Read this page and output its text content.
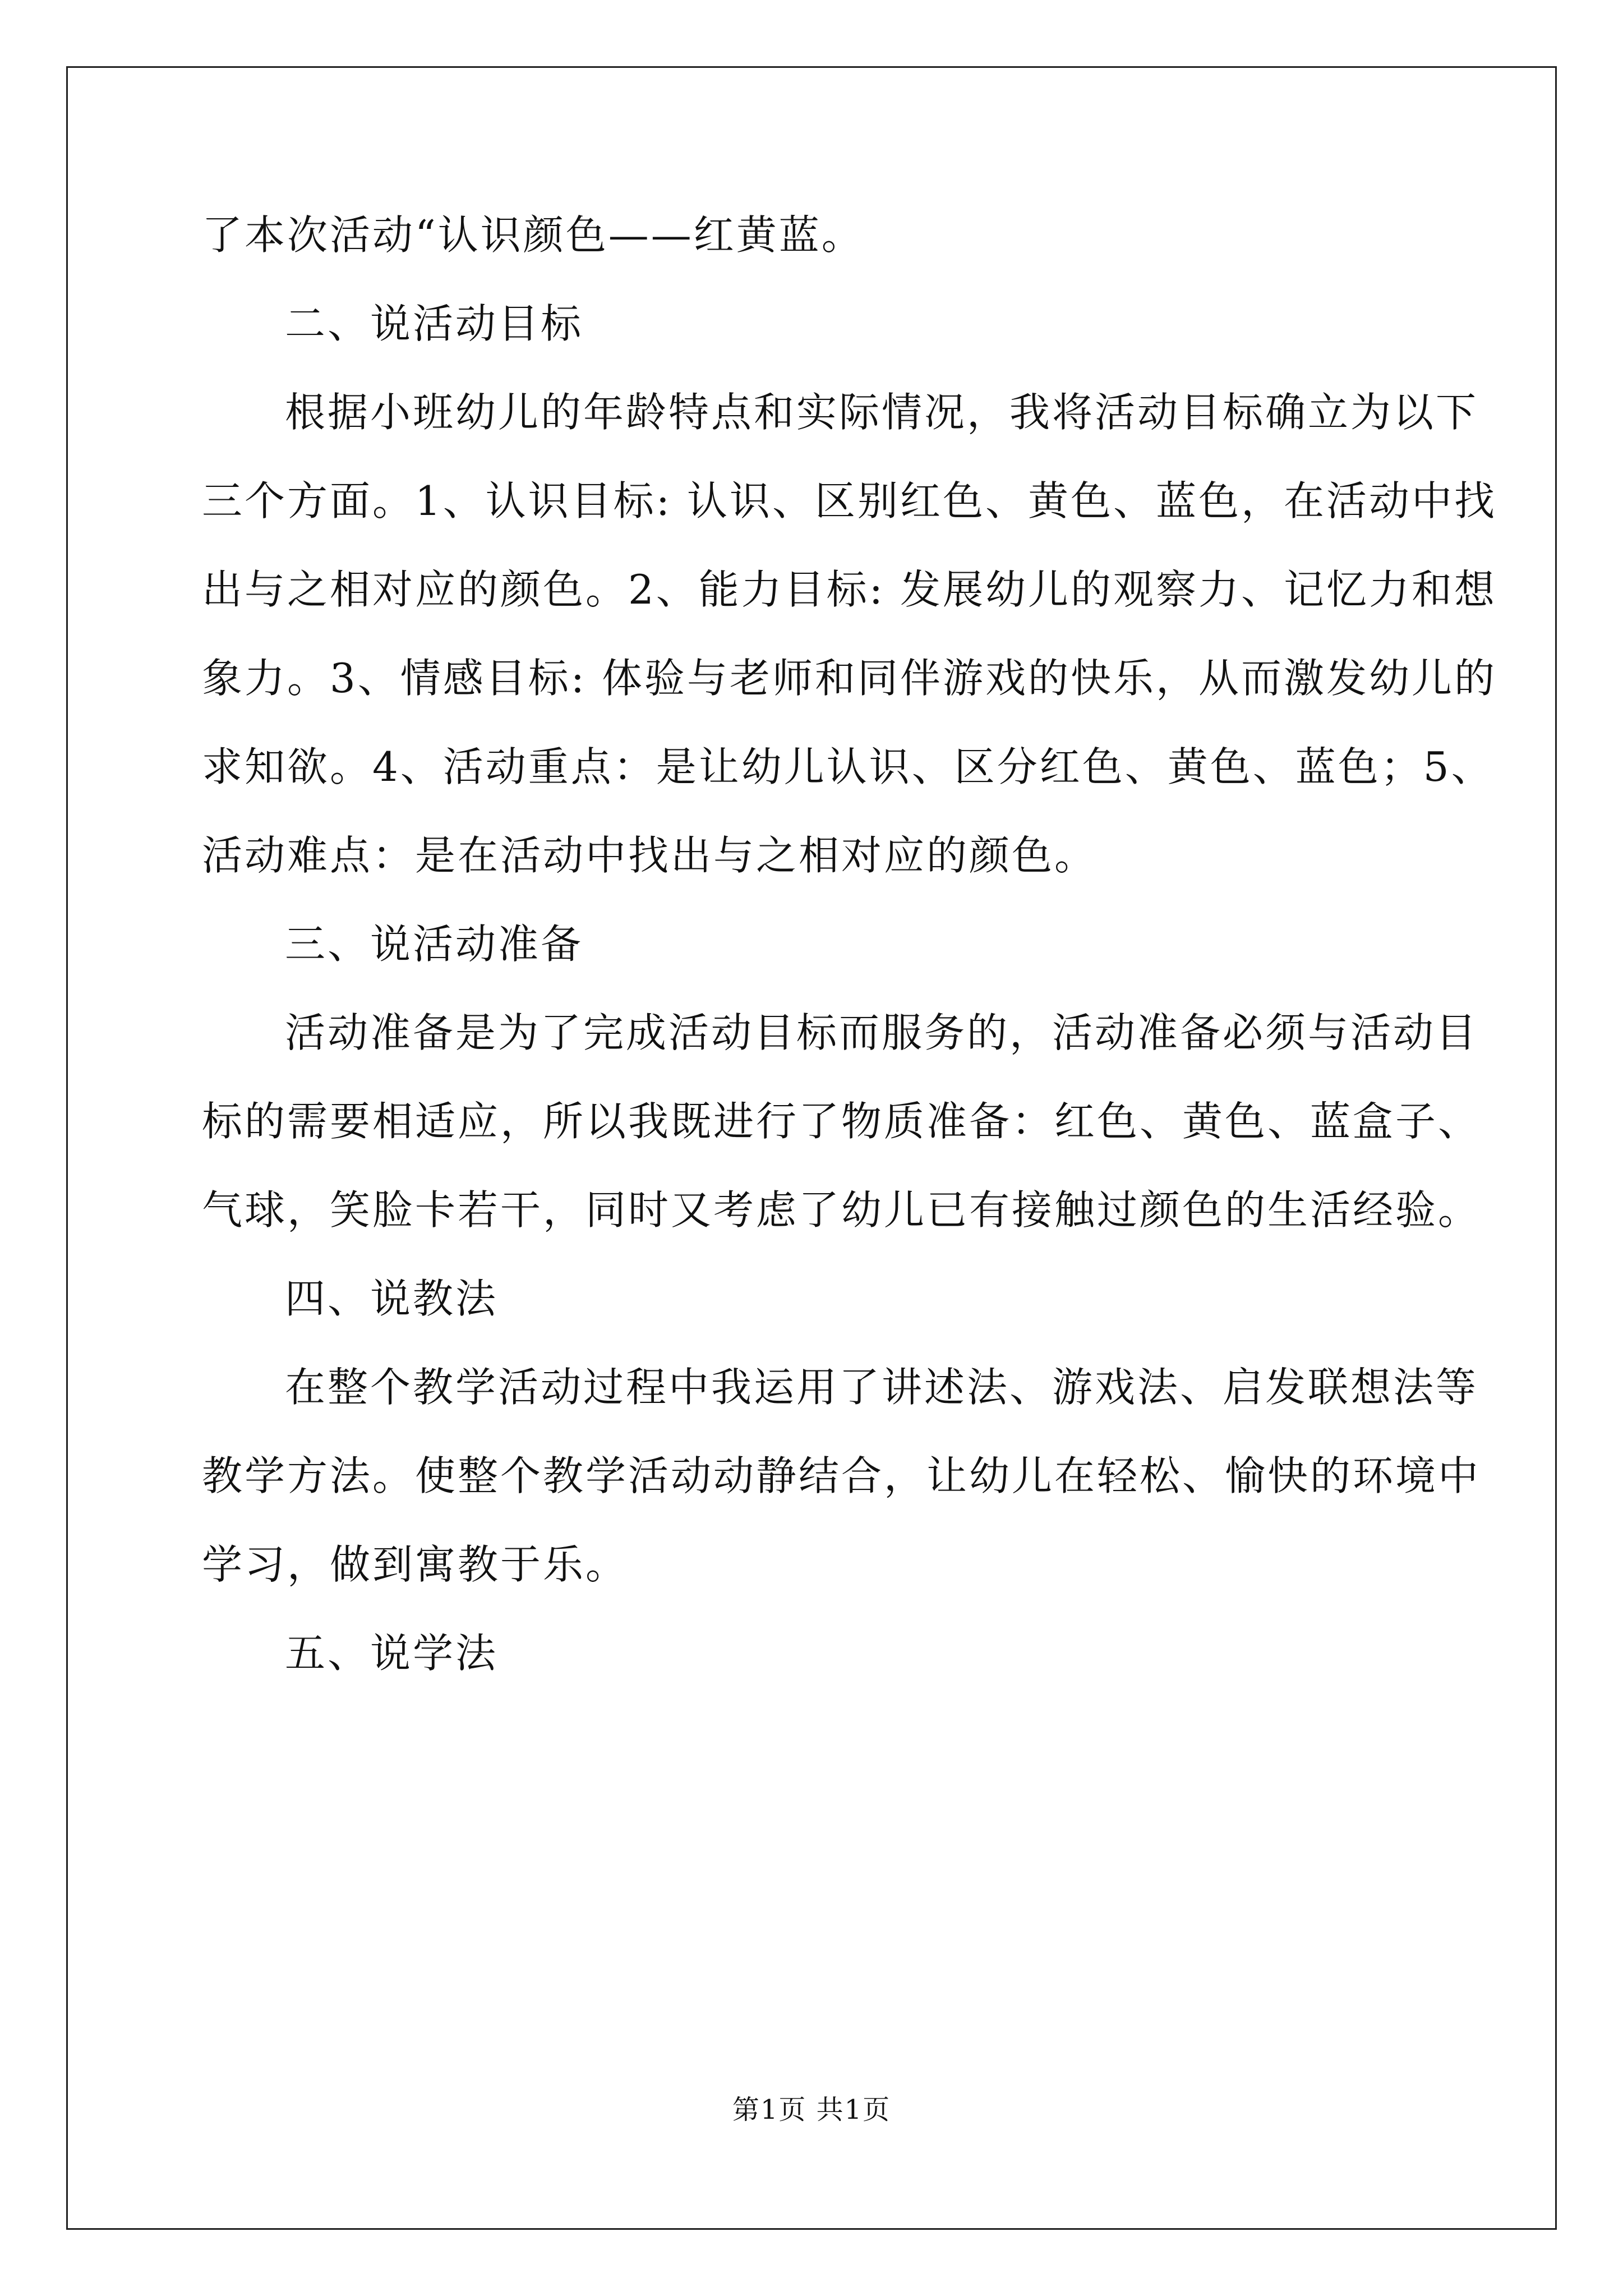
了本次活动“认识颜色——红黄蓝。

二、说活动目标

根据小班幼儿的年龄特点和实际情况，我将活动目标确立为以下

三个方面。1、认识目标: 认识、区别红色、黄色、蓝色，在活动中找

出与之相对应的颜色。2、能力目标: 发展幼儿的观察力、记忆力和想

象力。3、情感目标: 体验与老师和同伴游戏的快乐，从而激发幼儿的

求知欲。4、活动重点：是让幼儿认识、区分红色、黄色、蓝色；5、

活动难点：是在活动中找出与之相对应的颜色。

三、说活动准备

活动准备是为了完成活动目标而服务的，活动准备必须与活动目

标的需要相适应，所以我既进行了物质准备：红色、黄色、蓝盒子、

气球，笑脸卡若干，同时又考虑了幼儿已有接触过颜色的生活经验。

四、说教法

在整个教学活动过程中我运用了讲述法、游戏法、启发联想法等

教学方法。使整个教学活动动静结合，让幼儿在轻松、愉快的环境中

学习，做到寓教于乐。

五、说学法

第1页 共1页
